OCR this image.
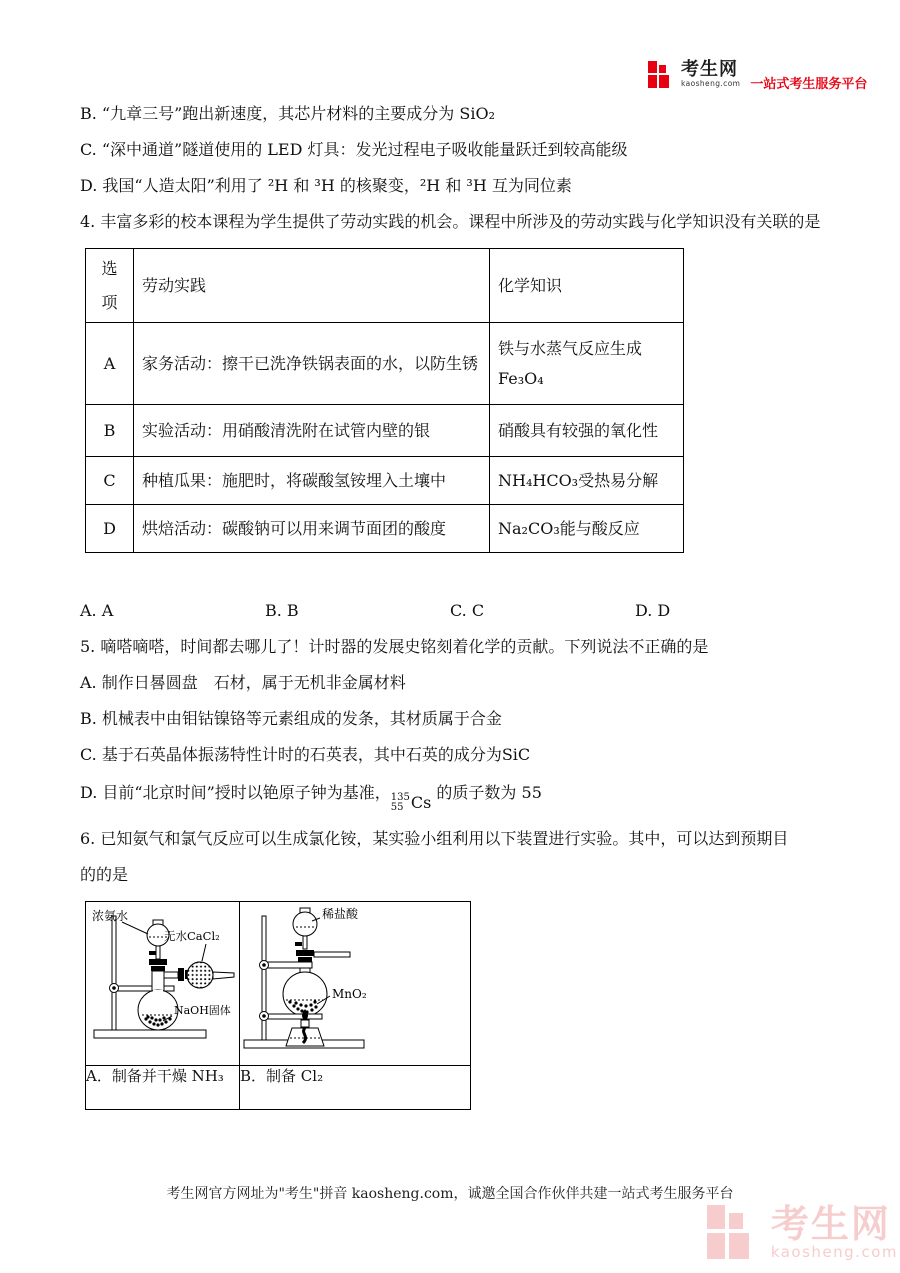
考生网
kaosheng.com 一站式考生服务平台

B. “九章三号”跑出新速度，其芯片材料的主要成分为 SiO₂

C. “深中通道”隧道使用的 LED 灯具：发光过程电子吸收能量跃迁到较高能级

D. 我国“人造太阳”利用了 ²H 和 ³H 的核聚变，²H 和 ³H 互为同位素

4. 丰富多彩的校本课程为学生提供了劳动实践的机会。课程中所涉及的劳动实践与化学知识没有关联的是

选项	劳动实践	化学知识
A	家务活动：擦干已洗净铁锅表面的水，以防生锈	铁与水蒸气反应生成Fe₃O₄
B	实验活动：用硝酸清洗附在试管内壁的银	硝酸具有较强的氧化性
C	种植瓜果：施肥时，将碳酸氢铵埋入土壤中	NH₄HCO₃受热易分解
D	烘焙活动：碳酸钠可以用来调节面团的酸度	Na₂CO₃能与酸反应
A. A	B. B	C. C	D. D

5. 嘀嗒嘀嗒，时间都去哪儿了！计时器的发展史铭刻着化学的贡献。下列说法不正确的是

A. 制作日晷圆盘　石材，属于无机非金属材料

B. 机械表中由钼钴镍铬等元素组成的发条，其材质属于合金

C. 基于石英晶体振荡特性计时的石英表，其中石英的成分为SiC

D. 目前“北京时间”授时以铯原子钟为基准， 135
55 Cs
的质子数为 55

6. 已知氨气和氯气反应可以生成氯化铵，某实验小组利用以下装置进行实验。其中，可以达到预期目的的是

浓氨水
无水CaCl₂
NaOH固体	稀盐酸
MnO₂

A．制备并干燥 NH₃	B．制备 Cl₂
考生网官方网址为"考生"拼音 kaosheng.com，诚邀全国合作伙伴共建一站式考生服务平台
考生网
kaosheng.com
